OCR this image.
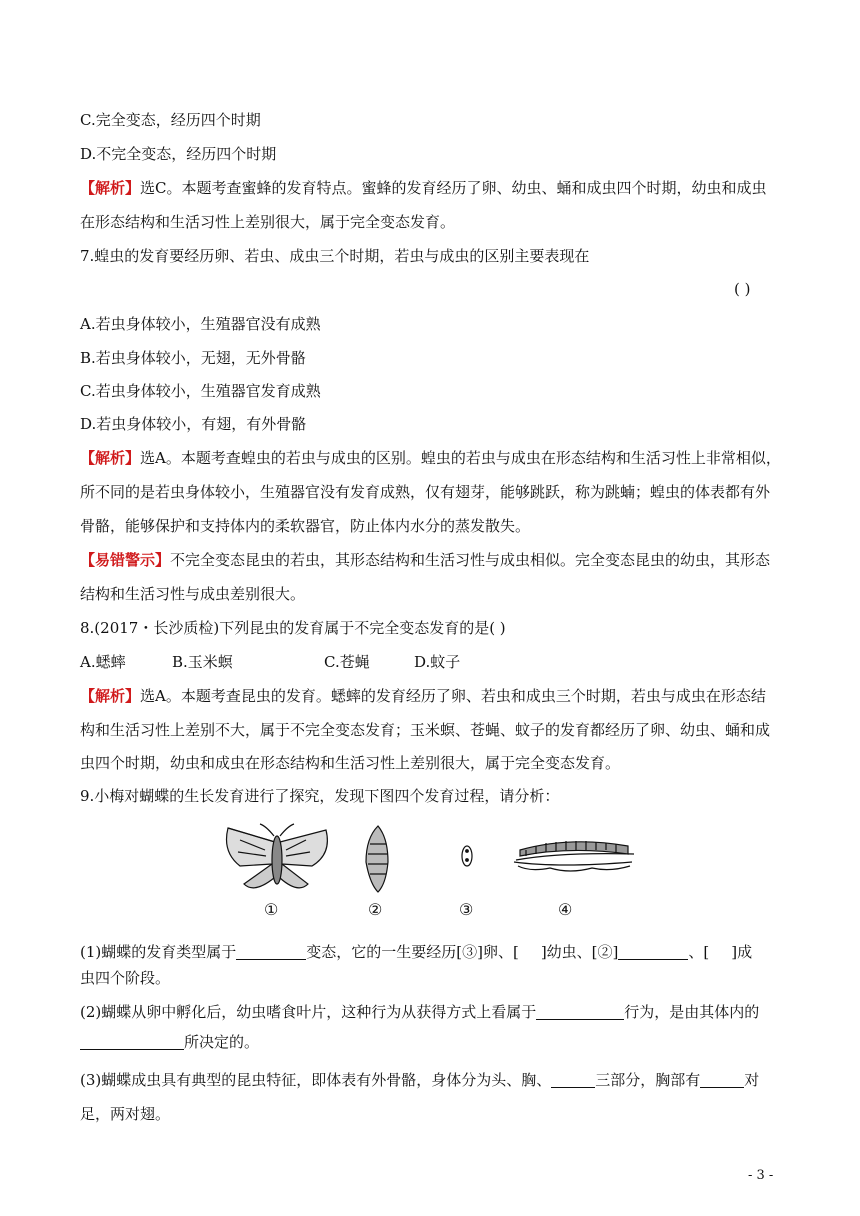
C.完全变态，经历四个时期
D.不完全变态，经历四个时期
【解析】选C。本题考查蜜蜂的发育特点。蜜蜂的发育经历了卵、幼虫、蛹和成虫四个时期，幼虫和成虫
在形态结构和生活习性上差别很大，属于完全变态发育。
7.蝗虫的发育要经历卵、若虫、成虫三个时期，若虫与成虫的区别主要表现在
( )
A.若虫身体较小，生殖器官没有成熟
B.若虫身体较小，无翅，无外骨骼
C.若虫身体较小，生殖器官发育成熟
D.若虫身体较小，有翅，有外骨骼
【解析】选A。本题考查蝗虫的若虫与成虫的区别。蝗虫的若虫与成虫在形态结构和生活习性上非常相似，
所不同的是若虫身体较小，生殖器官没有发育成熟，仅有翅芽，能够跳跃，称为跳蝻；蝗虫的体表都有外
骨骼，能够保护和支持体内的柔软器官，防止体内水分的蒸发散失。
【易错警示】不完全变态昆虫的若虫，其形态结构和生活习性与成虫相似。完全变态昆虫的幼虫，其形态
结构和生活习性与成虫差别很大。
8.(2017・长沙质检)下列昆虫的发育属于不完全变态发育的是( )
A.蟋蟀	B.玉米螟	C.苍蝇	D.蚊子
【解析】选A。本题考查昆虫的发育。蟋蟀的发育经历了卵、若虫和成虫三个时期，若虫与成虫在形态结
构和生活习性上差别不大，属于不完全变态发育；玉米螟、苍蝇、蚊子的发育都经历了卵、幼虫、蛹和成
虫四个时期，幼虫和成虫在形态结构和生活习性上差别很大，属于完全变态发育。
9.小梅对蝴蝶的生长发育进行了探究，发现下图四个发育过程，请分析：
①	②	③	④
(1)蝴蝶的发育类型属于	变态，它的一生要经历[③]卵、[ ]幼虫、[②]	、[ ]成
虫四个阶段。
(2)蝴蝶从卵中孵化后，幼虫嗜食叶片，这种行为从获得方式上看属于	行为，是由其体内的
所决定的。
(3)蝴蝶成虫具有典型的昆虫特征，即体表有外骨骼，身体分为头、胸、	三部分，胸部有	对
足，两对翅。
- 3 -
